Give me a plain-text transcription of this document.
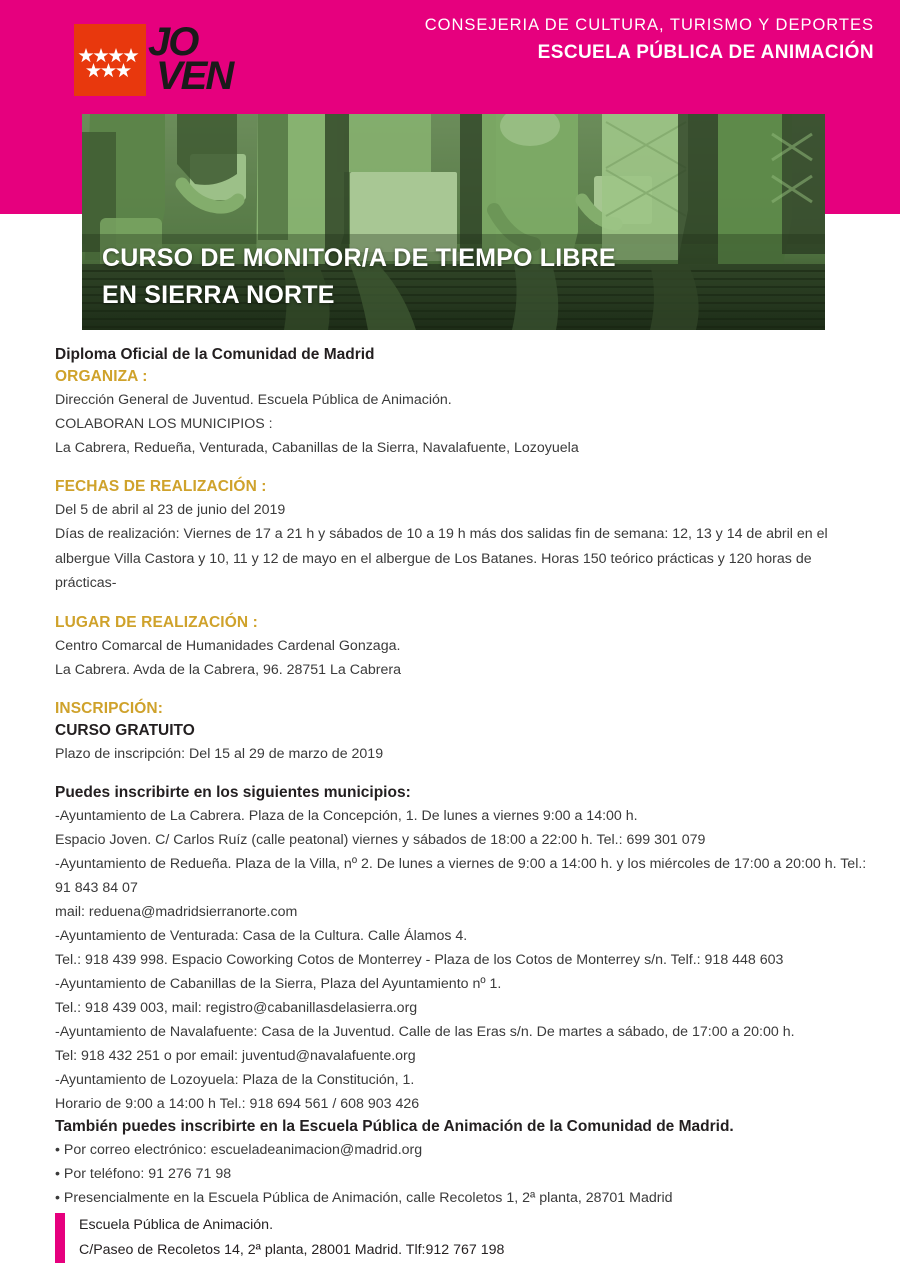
JO
VEN
CONSEJERIA DE CULTURA, TURISMO Y DEPORTES
ESCUELA PÚBLICA DE ANIMACIÓN
CURSO DE MONITOR/A DE TIEMPO LIBRE
EN SIERRA NORTE
Diploma Oficial de la Comunidad de Madrid
ORGANIZA :
Dirección General de Juventud. Escuela Pública de Animación.
COLABORAN LOS MUNICIPIOS :
La Cabrera, Redueña, Venturada, Cabanillas de la Sierra, Navalafuente, Lozoyuela
FECHAS DE REALIZACIÓN :
Del 5 de abril al 23 de junio del 2019
Días de realización: Viernes de 17 a 21 h y sábados de 10 a 19 h más dos salidas fin de semana: 12, 13 y 14 de abril en el albergue Villa Castora y 10, 11 y 12 de mayo en el albergue de Los Batanes. Horas 150 teórico prácticas y 120 horas de prácticas-
LUGAR DE REALIZACIÓN :
Centro Comarcal de Humanidades Cardenal Gonzaga.
La Cabrera. Avda de la Cabrera, 96. 28751 La Cabrera
INSCRIPCIÓN:
CURSO GRATUITO
Plazo de inscripción: Del 15 al 29 de marzo de 2019
Puedes inscribirte en los siguientes municipios:
-Ayuntamiento de La Cabrera. Plaza de la Concepción, 1. De lunes a viernes 9:00 a 14:00 h.
Espacio Joven. C/ Carlos Ruíz (calle peatonal) viernes y sábados de 18:00 a 22:00 h. Tel.: 699 301 079
-Ayuntamiento de Redueña. Plaza de la Villa, nº 2. De lunes a viernes de 9:00 a 14:00 h. y los miércoles de 17:00 a 20:00 h. Tel.: 91 843 84 07
mail: reduena@madridsierranorte.com
-Ayuntamiento de Venturada: Casa de la Cultura. Calle Álamos 4.
Tel.: 918 439 998. Espacio Coworking Cotos de Monterrey - Plaza de los Cotos de Monterrey s/n. Telf.: 918 448 603
-Ayuntamiento de Cabanillas de la Sierra, Plaza del Ayuntamiento nº 1.
Tel.: 918 439 003, mail: registro@cabanillasdelasierra.org
-Ayuntamiento de Navalafuente: Casa de la Juventud. Calle de las Eras s/n. De martes a sábado, de 17:00 a 20:00 h.
Tel: 918 432 251 o por email: juventud@navalafuente.org
-Ayuntamiento de Lozoyuela: Plaza de la Constitución, 1.
Horario de 9:00 a 14:00 h Tel.: 918 694 561 / 608 903 426
También puedes inscribirte en la Escuela Pública de Animación de la Comunidad de Madrid.
• Por correo electrónico: escueladeanimacion@madrid.org
• Por teléfono: 91 276 71 98
• Presencialmente en la Escuela Pública de Animación, calle Recoletos 1, 2ª planta, 28701 Madrid
Escuela Pública de Animación.
C/Paseo de Recoletos 14, 2ª planta, 28001 Madrid. Tlf:912 767 198
